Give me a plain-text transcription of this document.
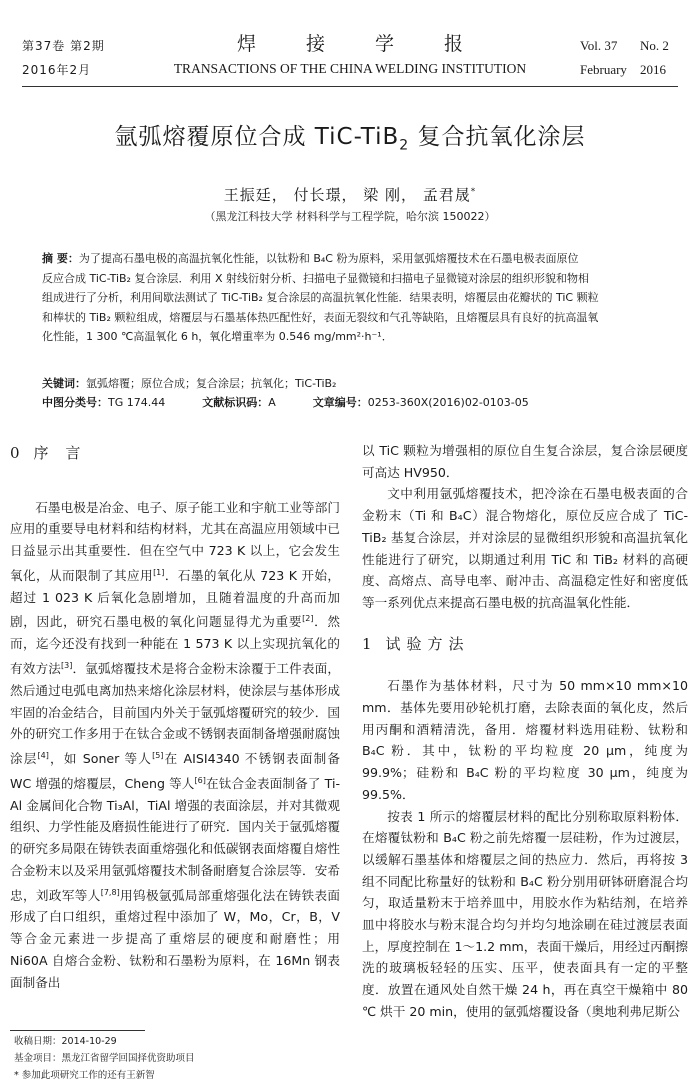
第37卷 第2期
2016年2月
焊 接 学 报
TRANSACTIONS OF THE CHINA WELDING INSTITUTION
Vol. 37 No. 2
February 2016
氩弧熔覆原位合成 TiC-TiB$_2$ 复合抗氧化涂层
王振廷， 付长璟， 梁 刚， 孟君晟*
（黑龙江科技大学 材料科学与工程学院，哈尔滨 150022）
摘 要：为了提高石墨电极的高温抗氧化性能，以钛粉和 B₄C 粉为原料，采用氩弧熔覆技术在石墨电极表面原位
反应合成 TiC-TiB₂ 复合涂层．利用 X 射线衍射分析、扫描电子显微镜和扫描电子显微镜对涂层的组织形貌和物相
组成进行了分析，利用间歇法测试了 TiC-TiB₂ 复合涂层的高温抗氧化性能．结果表明，熔覆层由花瓣状的 TiC 颗粒
和棒状的 TiB₂ 颗粒组成，熔覆层与石墨基体热匹配性好，表面无裂纹和气孔等缺陷，且熔覆层具有良好的抗高温氧
化性能，1 300 ℃高温氧化 6 h，氧化增重率为 0.546 mg/mm²·h⁻¹．
关键词：氩弧熔覆；原位合成；复合涂层；抗氧化；TiC-TiB₂
中图分类号：TG 174.44	文献标识码：A	文章编号：0253-360X(2016)02-0103-05
0 序 言

石墨电极是冶金、电子、原子能工业和宇航工业等部门应用的重要导电材料和结构材料，尤其在高温应用领域中已日益显示出其重要性．但在空气中 723 K 以上，它会发生氧化，从而限制了其应用[1]．石墨的氧化从 723 K 开始，超过 1 023 K 后氧化急剧增加，且随着温度的升高而加剧，因此，研究石墨电极的氧化问题显得尤为重要[2]．然而，迄今还没有找到一种能在 1 573 K 以上实现抗氧化的有效方法[3]．氩弧熔覆技术是将合金粉末涂覆于工件表面，然后通过电弧电离加热来熔化涂层材料，使涂层与基体形成牢固的冶金结合，目前国内外关于氩弧熔覆研究的较少．国外的研究工作多用于在钛合金或不锈钢表面制备增强耐腐蚀涂层[4]，如 Soner 等人[5]在 AISI4340 不锈钢表面制备 WC 增强的熔覆层，Cheng 等人[6]在钛合金表面制备了 Ti-Al 金属间化合物 Ti₃Al，TiAl 增强的表面涂层，并对其微观组织、力学性能及磨损性能进行了研究．国内关于氩弧熔覆的研究多局限在铸铁表面重熔强化和低碳钢表面熔覆自熔性合金粉末以及采用氩弧熔覆技术制备耐磨复合涂层等．安希忠，刘政军等人[7,8]用钨极氩弧局部重熔强化法在铸铁表面形成了白口组织，重熔过程中添加了 W，Mo，Cr，B，V 等合金元素进一步提高了重熔层的硬度和耐磨性；用 Ni60A 自熔合金粉、钛粉和石墨粉为原料，在 16Mn 钢表面制备出

以 TiC 颗粒为增强相的原位自生复合涂层，复合涂层硬度可高达 HV950．

文中利用氩弧熔覆技术，把冷涂在石墨电极表面的合金粉末（Ti 和 B₄C）混合物熔化，原位反应合成了 TiC-TiB₂ 基复合涂层，并对涂层的显微组织形貌和高温抗氧化性能进行了研究，以期通过利用 TiC 和 TiB₂ 材料的高硬度、高熔点、高导电率、耐冲击、高温稳定性好和密度低等一系列优点来提高石墨电极的抗高温氧化性能．

1 试验方法

石墨作为基体材料，尺寸为 50 mm×10 mm×10 mm．基体先要用砂轮机打磨，去除表面的氧化皮，然后用丙酮和酒精清洗，备用．熔覆材料选用硅粉、钛粉和 B₄C 粉．其中，钛粉的平均粒度 20 μm，纯度为 99.9%；硅粉和 B₄C 粉的平均粒度 30 μm，纯度为 99.5%．

按表 1 所示的熔覆层材料的配比分别称取原料粉体．在熔覆钛粉和 B₄C 粉之前先熔覆一层硅粉，作为过渡层，以缓解石墨基体和熔覆层之间的热应力．然后，再将按 3 组不同配比称量好的钛粉和 B₄C 粉分别用研钵研磨混合均匀，取适量粉末于培养皿中，用胶水作为粘结剂，在培养皿中将胶水与粉末混合均匀并均匀地涂刷在硅过渡层表面上，厚度控制在 1～1.2 mm，表面干燥后，用经过丙酮擦洗的玻璃板轻轻的压实、压平，使表面具有一定的平整度．放置在通风处自然干燥 24 h，再在真空干燥箱中 80 ℃ 烘干 20 min，使用的氩弧熔覆设备（奥地利弗尼斯公

收稿日期：2014-10-29
基金项目：黑龙江省留学回国择优资助项目
* 参加此项研究工作的还有王新智
